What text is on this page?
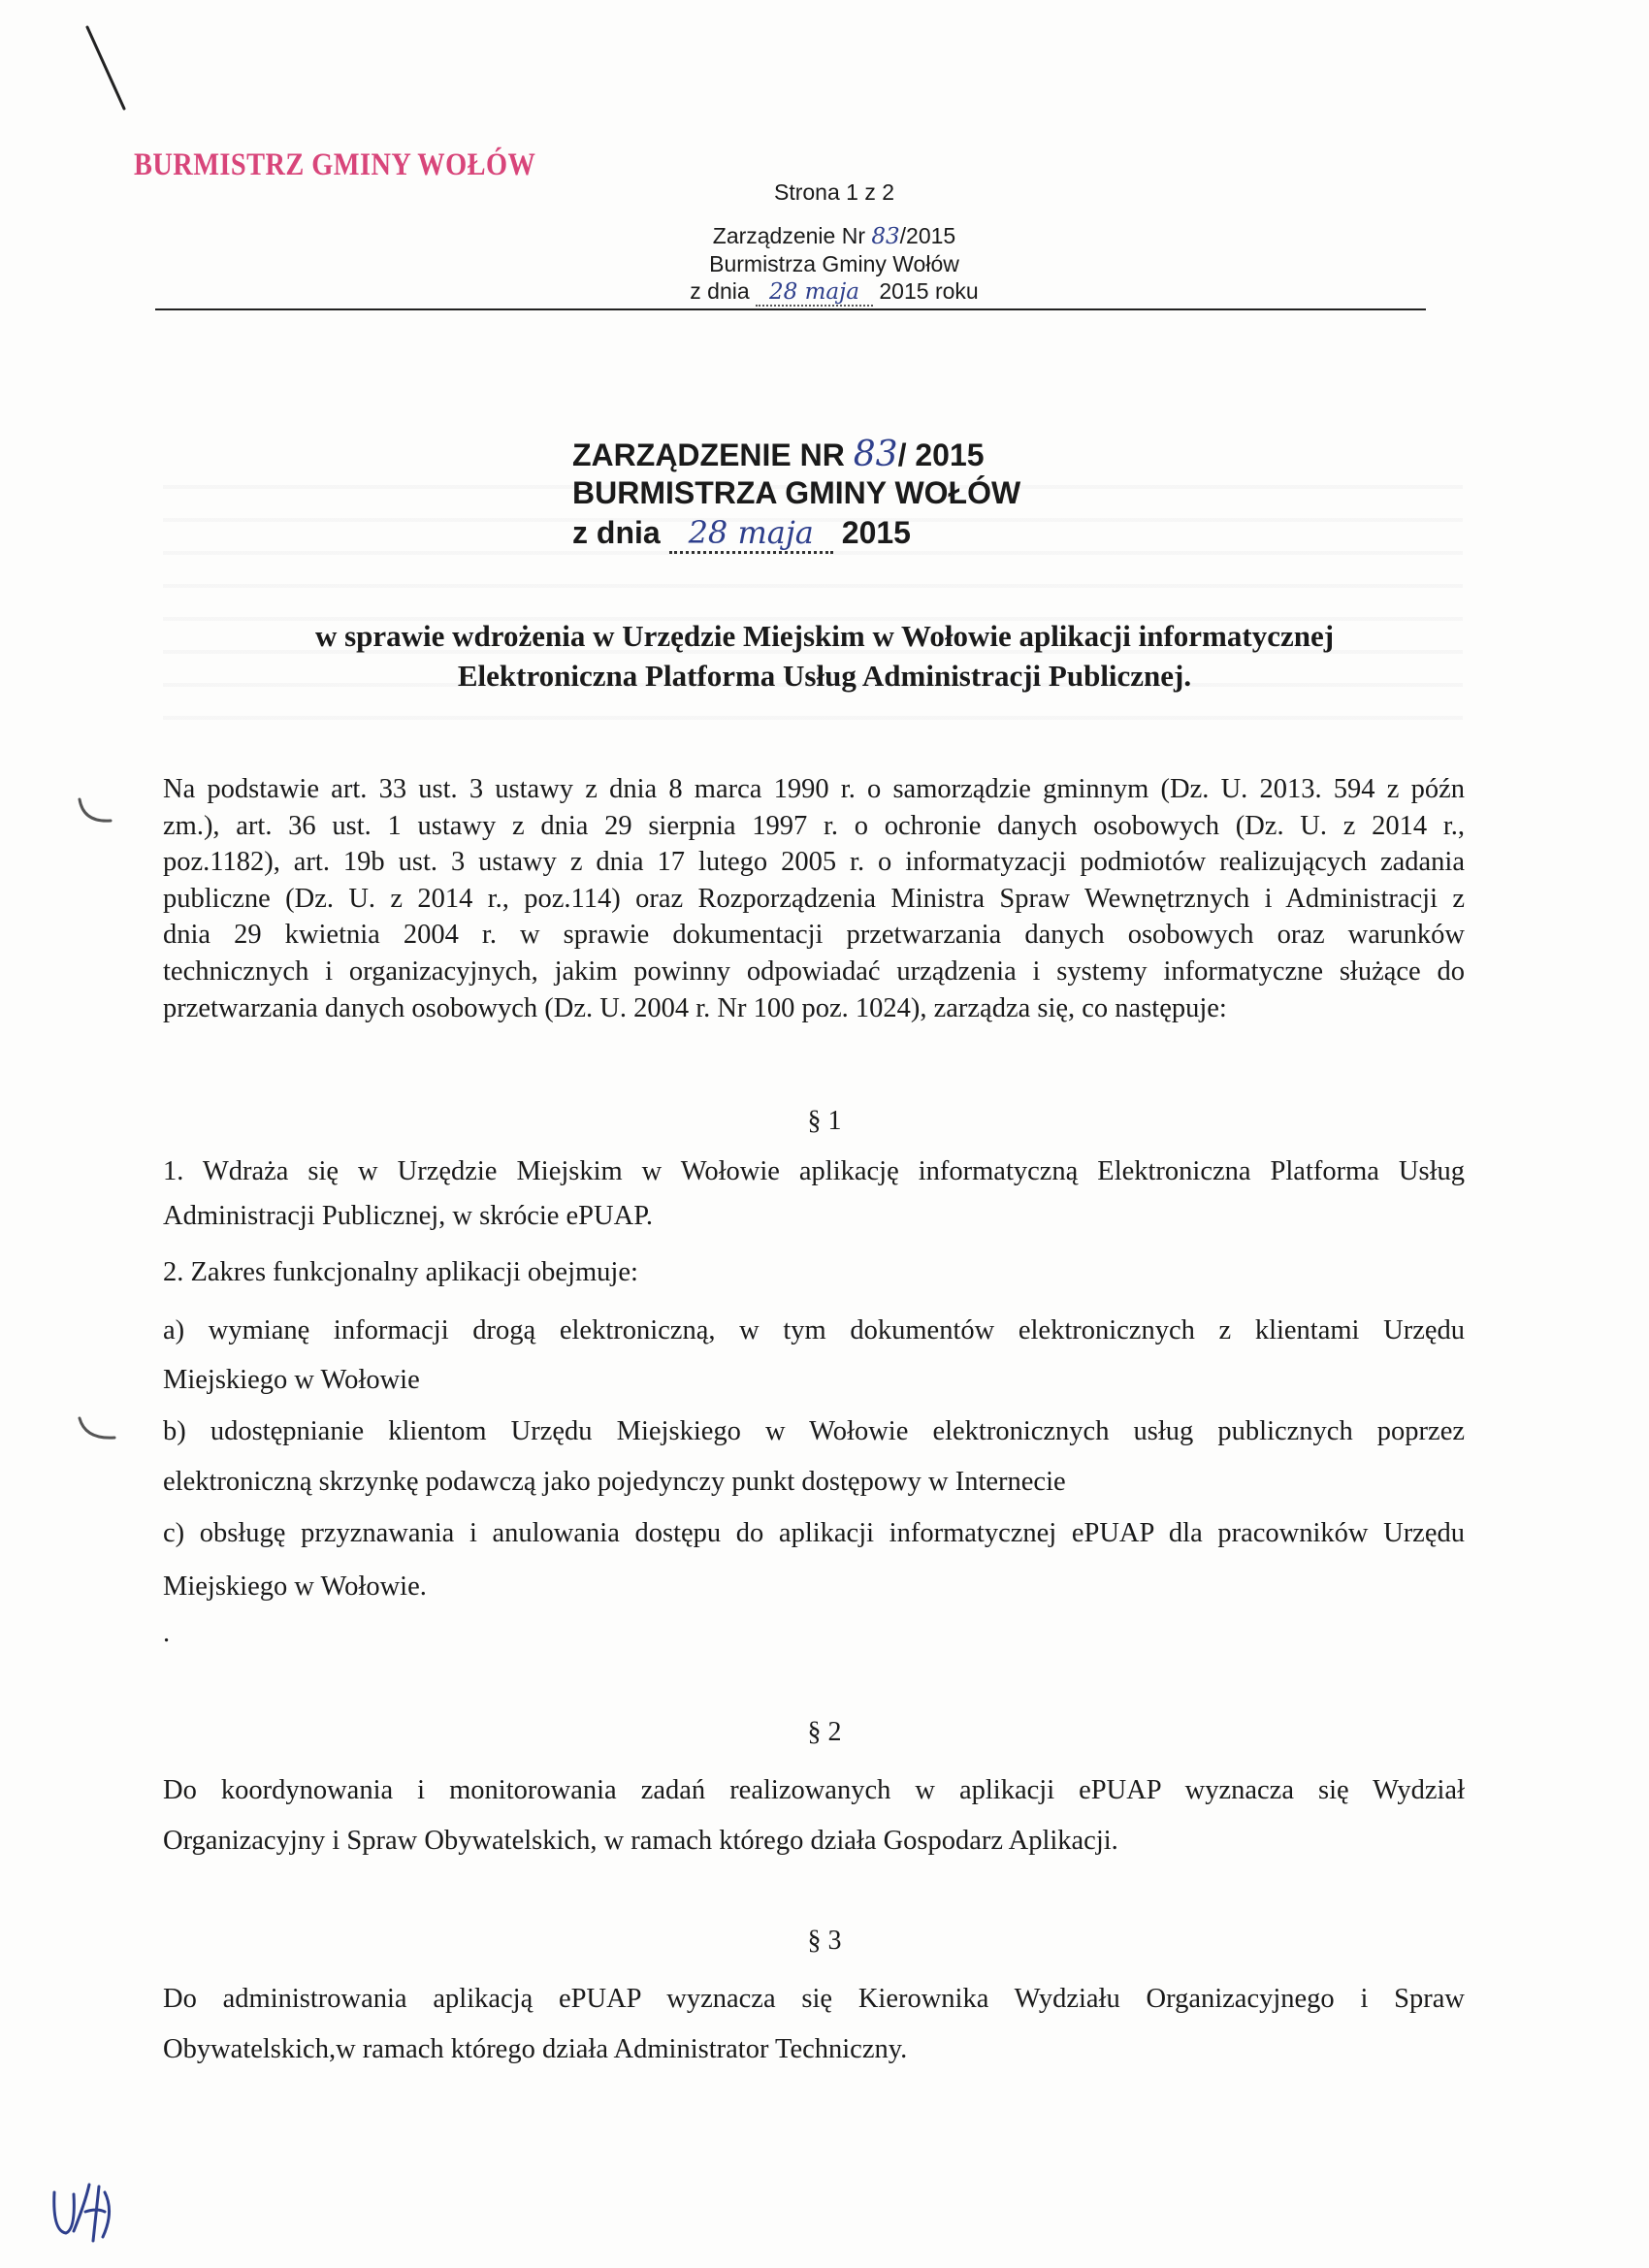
BURMISTRZ GMINY WOŁÓW
Strona 1 z 2
Zarządzenie Nr 83/2015
Burmistrza Gminy Wołów
z dnia 28 maja 2015 roku
ZARZĄDZENIE NR 83/ 2015
BURMISTRZA GMINY WOŁÓW
z dnia 28 maja 2015
w sprawie wdrożenia w Urzędzie Miejskim w Wołowie aplikacji informatycznej
Elektroniczna Platforma Usług Administracji Publicznej.
Na podstawie art. 33 ust. 3 ustawy z dnia 8 marca 1990 r. o samorządzie gminnym (Dz. U. 2013. 594 z późn
zm.), art. 36 ust. 1 ustawy z dnia 29 sierpnia 1997 r. o ochronie danych osobowych (Dz. U. z 2014 r.,
poz.1182), art. 19b ust. 3 ustawy z dnia 17 lutego 2005 r. o informatyzacji podmiotów realizujących zadania
publiczne (Dz. U. z 2014 r., poz.114) oraz Rozporządzenia Ministra Spraw Wewnętrznych i Administracji z
dnia 29 kwietnia 2004 r. w sprawie dokumentacji przetwarzania danych osobowych oraz warunków
technicznych i organizacyjnych, jakim powinny odpowiadać urządzenia i systemy informatyczne służące do
przetwarzania danych osobowych (Dz. U. 2004 r. Nr 100 poz. 1024), zarządza się, co następuje:
§ 1
1. Wdraża się w Urzędzie Miejskim w Wołowie aplikację informatyczną Elektroniczna Platforma Usług
Administracji Publicznej, w skrócie ePUAP.
2. Zakres funkcjonalny aplikacji obejmuje:
a) wymianę informacji drogą elektroniczną, w tym dokumentów elektronicznych z klientami Urzędu
Miejskiego w Wołowie
b) udostępnianie klientom Urzędu Miejskiego w Wołowie elektronicznych usług publicznych poprzez
elektroniczną skrzynkę podawczą jako pojedynczy punkt dostępowy w Internecie
c) obsługę przyznawania i anulowania dostępu do aplikacji informatycznej ePUAP dla pracowników Urzędu
Miejskiego w Wołowie.
.
§ 2
Do koordynowania i monitorowania zadań realizowanych w aplikacji ePUAP wyznacza się Wydział
Organizacyjny i Spraw Obywatelskich, w ramach którego działa Gospodarz Aplikacji.
§ 3
Do administrowania aplikacją ePUAP wyznacza się Kierownika Wydziału Organizacyjnego i Spraw
Obywatelskich,w ramach którego działa Administrator Techniczny.
